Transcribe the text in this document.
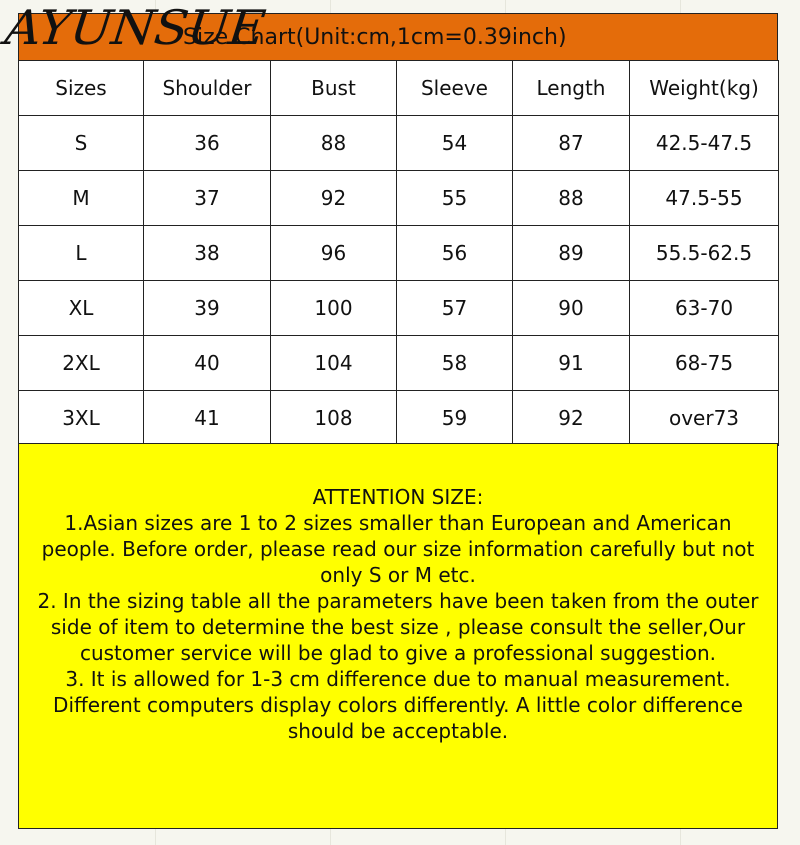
Size Chart(Unit:cm,1cm=0.39inch)
Sizes	Shoulder	Bust	Sleeve	Length	Weight(kg)
S	36	88	54	87	42.5-47.5
M	37	92	55	88	47.5-55
L	38	96	56	89	55.5-62.5
XL	39	100	57	90	63-70
2XL	40	104	58	91	68-75
3XL	41	108	59	92	over73

ATTENTION SIZE:

1.Asian sizes are 1 to 2 sizes smaller than European and American people. Before order, please read our size information carefully but not only S or M etc.

2. In the sizing table all the parameters have been taken from the outer side of item to determine the best size , please consult the seller,Our customer service will be glad to give a professional suggestion.

3. It is allowed for 1-3 cm difference due to manual measurement. Different computers display colors differently. A little color difference should be acceptable.

AYUNSUE
